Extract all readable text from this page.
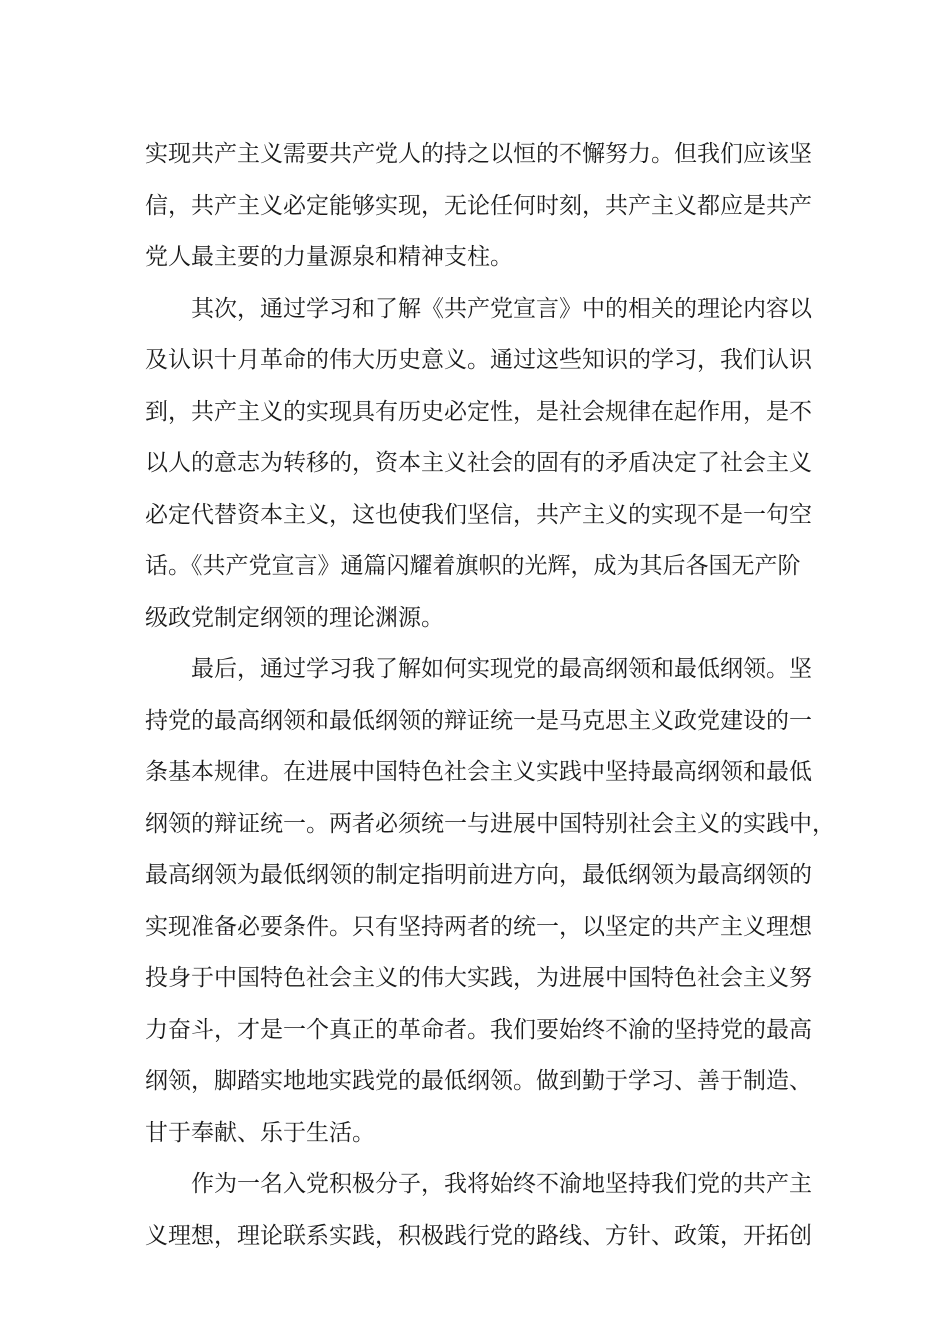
实现共产主义需要共产党人的持之以恒的不懈努力。但我们应该坚
信，共产主义必定能够实现，无论任何时刻，共产主义都应是共产
党人最主要的力量源泉和精神支柱。
其次，通过学习和了解《共产党宣言》中的相关的理论内容以
及认识十月革命的伟大历史意义。通过这些知识的学习，我们认识
到，共产主义的实现具有历史必定性，是社会规律在起作用，是不
以人的意志为转移的，资本主义社会的固有的矛盾决定了社会主义
必定代替资本主义，这也使我们坚信，共产主义的实现不是一句空
话。《共产党宣言》通篇闪耀着旗帜的光辉，成为其后各国无产阶
级政党制定纲领的理论渊源。
最后，通过学习我了解如何实现党的最高纲领和最低纲领。坚
持党的最高纲领和最低纲领的辩证统一是马克思主义政党建设的一
条基本规律。在进展中国特色社会主义实践中坚持最高纲领和最低
纲领的辩证统一。两者必须统一与进展中国特别社会主义的实践中，
最高纲领为最低纲领的制定指明前进方向，最低纲领为最高纲领的
实现准备必要条件。只有坚持两者的统一，以坚定的共产主义理想
投身于中国特色社会主义的伟大实践，为进展中国特色社会主义努
力奋斗，才是一个真正的革命者。我们要始终不渝的坚持党的最高
纲领，脚踏实地地实践党的最低纲领。做到勤于学习、善于制造、
甘于奉献、乐于生活。
作为一名入党积极分子，我将始终不渝地坚持我们党的共产主
义理想，理论联系实践，积极践行党的路线、方针、政策，开拓创
